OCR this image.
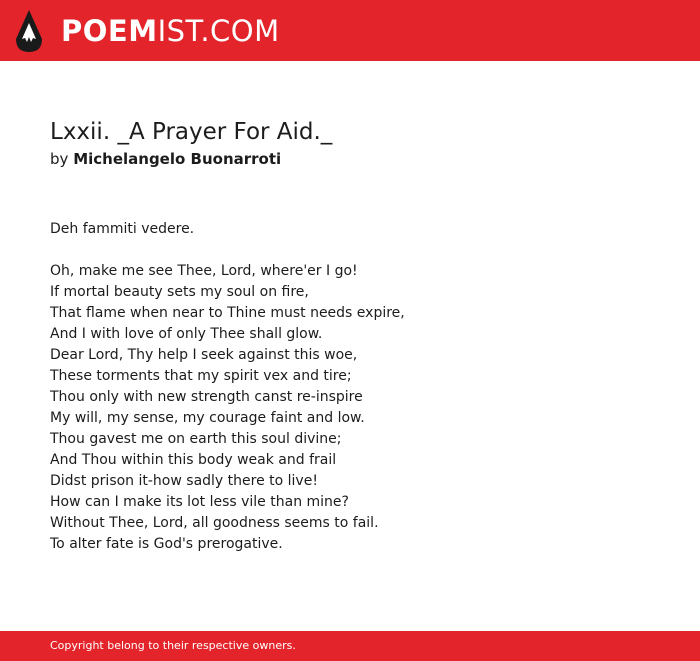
POEMIST.COM
Lxxii. _A Prayer For Aid._
by Michelangelo Buonarroti
Deh fammiti vedere.
Oh, make me see Thee, Lord, where'er I go!
If mortal beauty sets my soul on fire,
That flame when near to Thine must needs expire,
And I with love of only Thee shall glow.
Dear Lord, Thy help I seek against this woe,
These torments that my spirit vex and tire;
Thou only with new strength canst re-inspire
My will, my sense, my courage faint and low.
Thou gavest me on earth this soul divine;
And Thou within this body weak and frail
Didst prison it-how sadly there to live!
How can I make its lot less vile than mine?
Without Thee, Lord, all goodness seems to fail.
To alter fate is God's prerogative.
Copyright belong to their respective owners.
